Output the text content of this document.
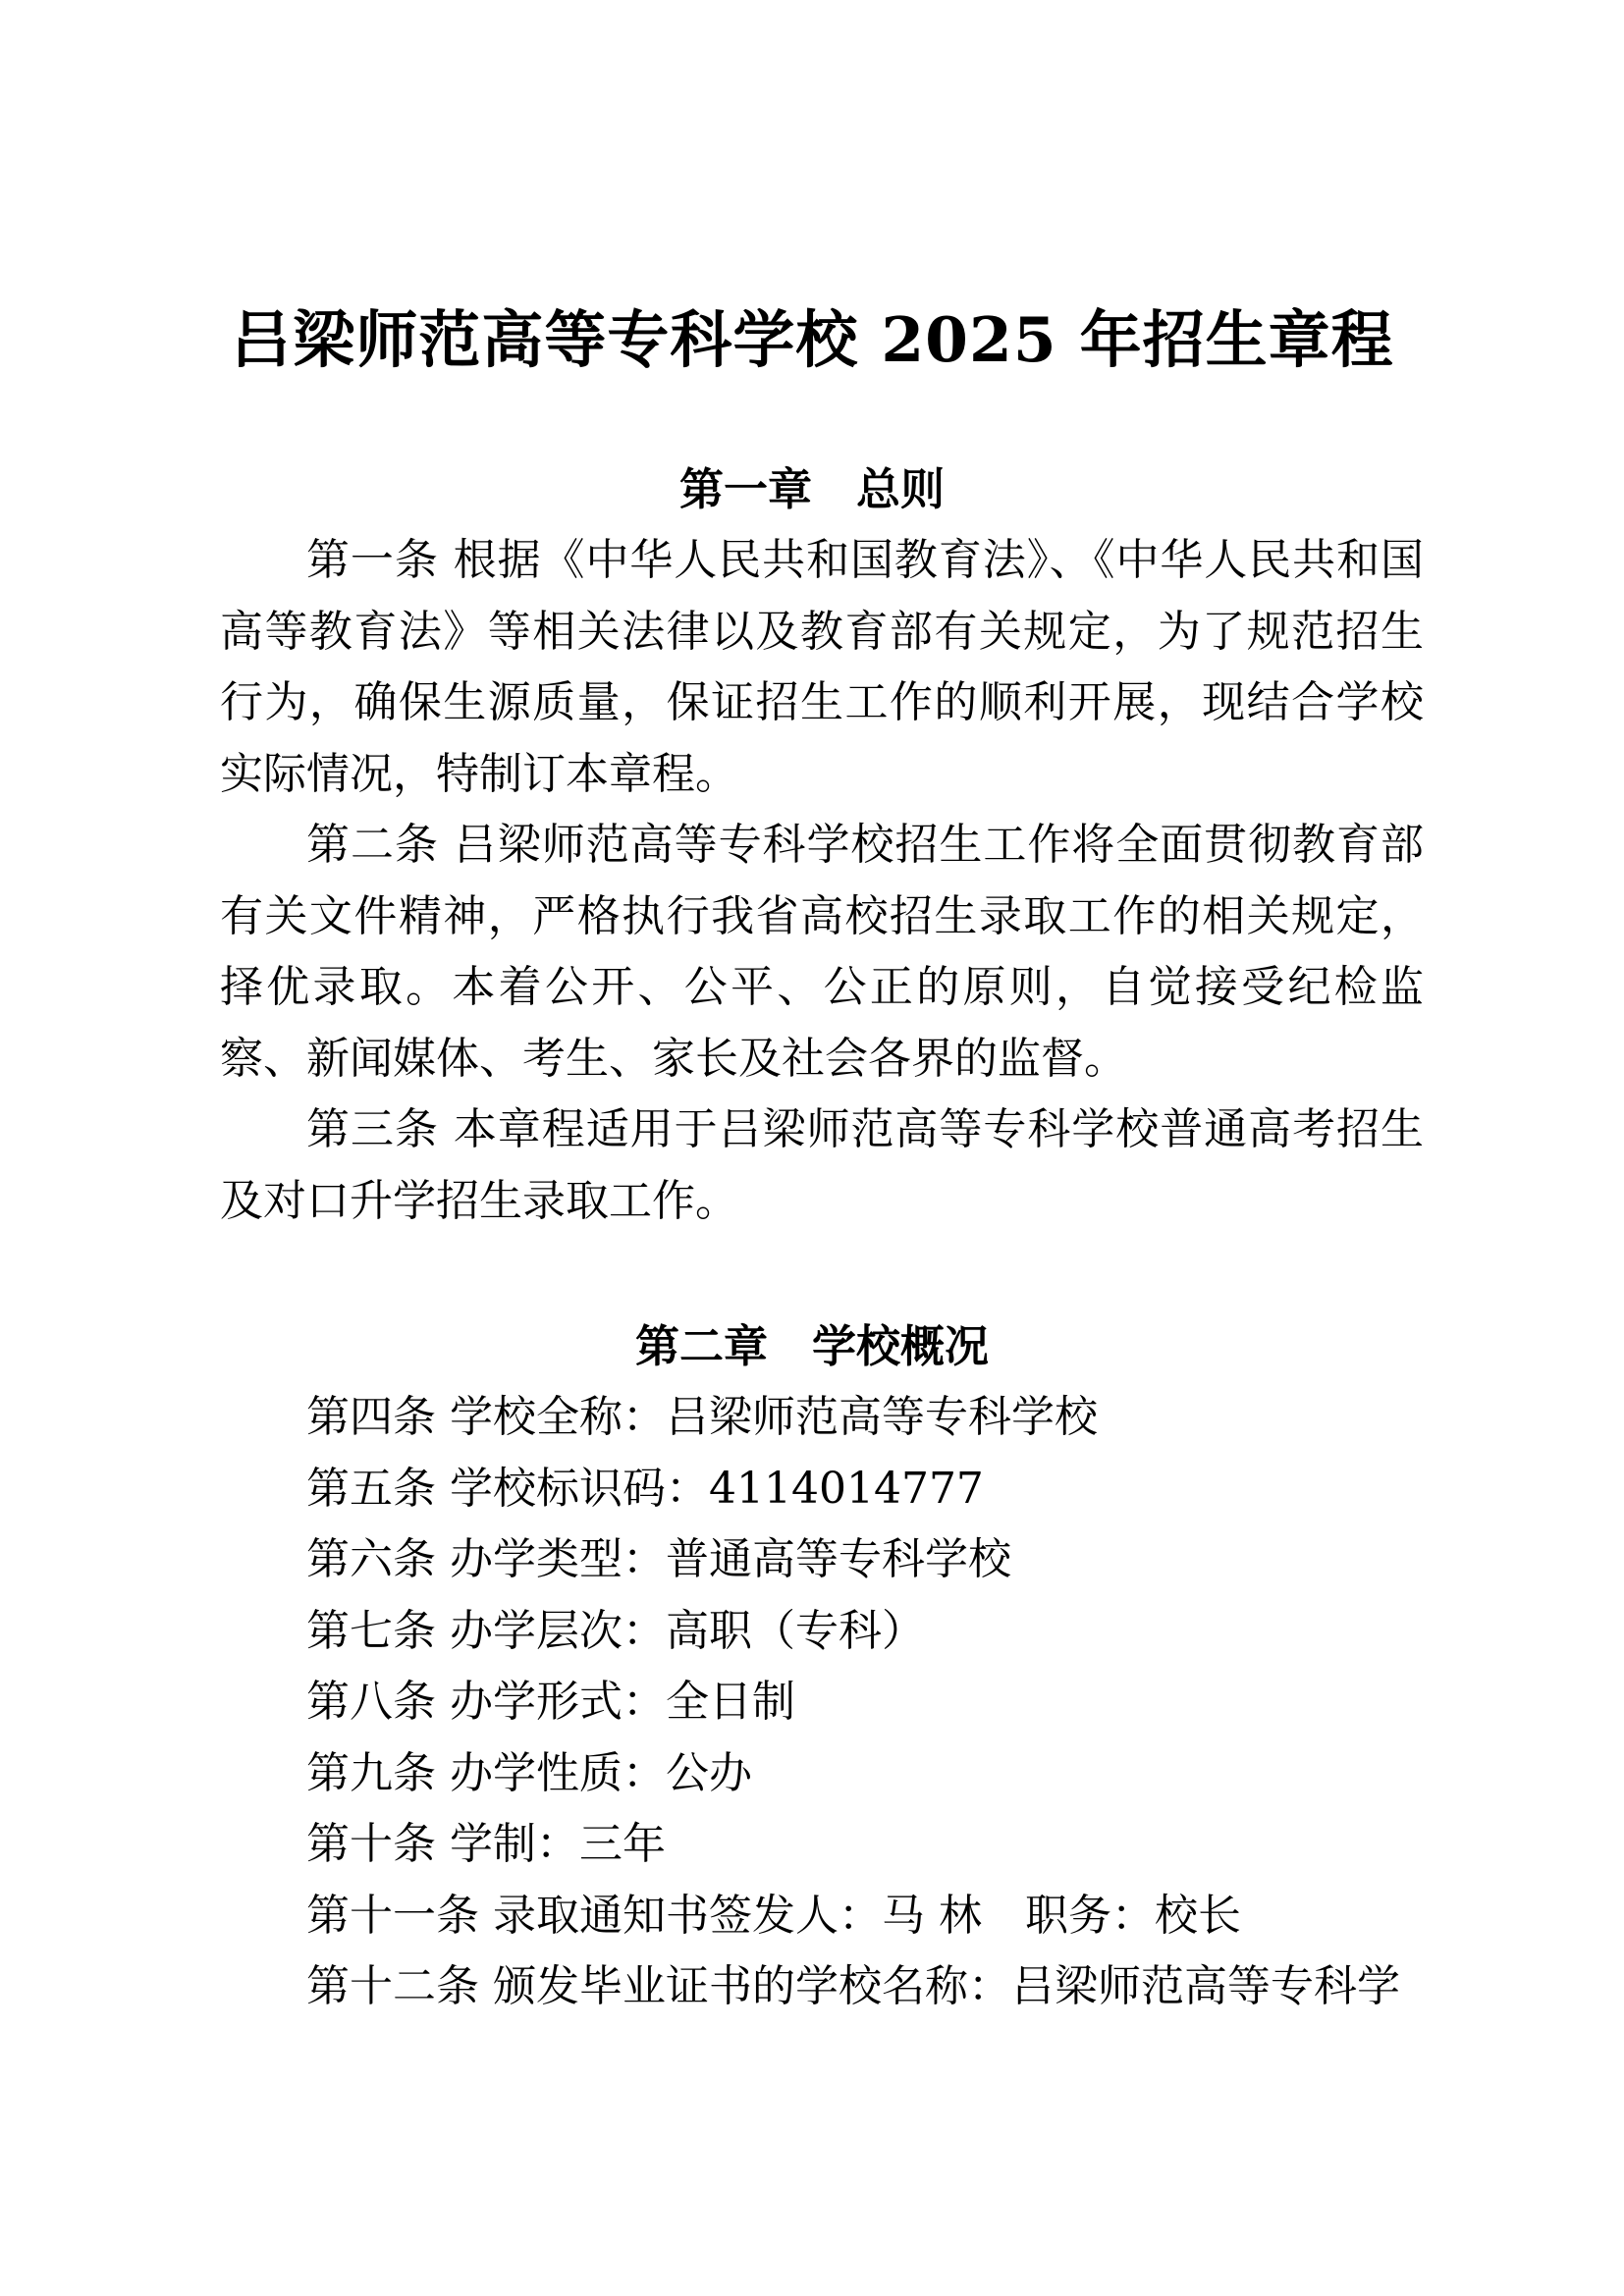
吕梁师范高等专科学校 2025 年招生章程
第一章　总则

第一条 根据《中华人民共和国教育法》、《中华人民共和国高等教育法》等相关法律以及教育部有关规定，为了规范招生行为，确保生源质量，保证招生工作的顺利开展，现结合学校实际情况，特制订本章程。

第二条 吕梁师范高等专科学校招生工作将全面贯彻教育部有关文件精神，严格执行我省高校招生录取工作的相关规定，择优录取。本着公开、公平、公正的原则，自觉接受纪检监察、新闻媒体、考生、家长及社会各界的监督。

第三条 本章程适用于吕梁师范高等专科学校普通高考招生及对口升学招生录取工作。

第二章　学校概况

第四条 学校全称：吕梁师范高等专科学校

第五条 学校标识码：4114014777

第六条 办学类型：普通高等专科学校

第七条 办学层次：高职（专科）

第八条 办学形式：全日制

第九条 办学性质：公办

第十条 学制：三年

第十一条 录取通知书签发人：马 林　职务：校长

第十二条 颁发毕业证书的学校名称：吕梁师范高等专科学
